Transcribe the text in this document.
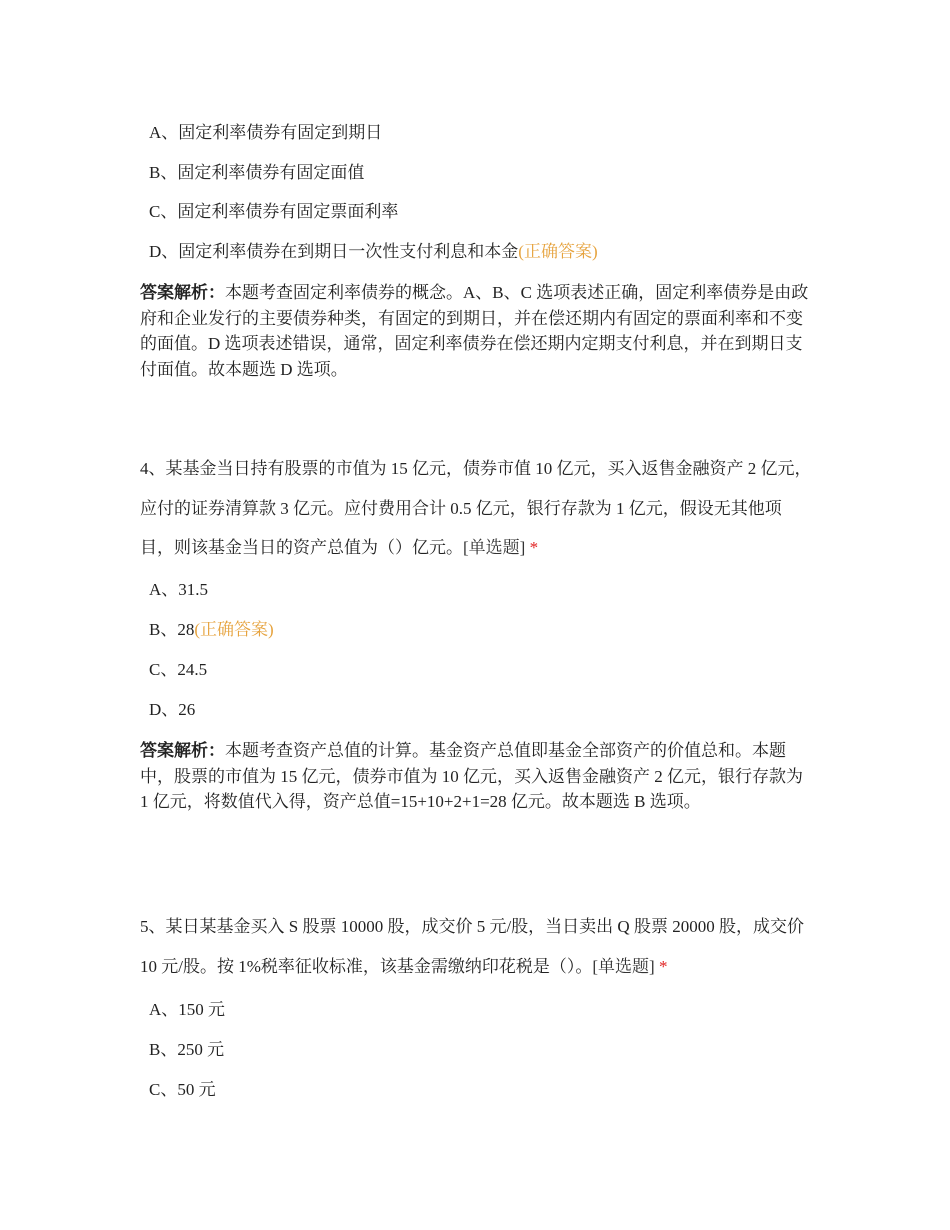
A、固定利率债券有固定到期日
B、固定利率债券有固定面值
C、固定利率债券有固定票面利率
D、固定利率债券在到期日一次性支付利息和本金(正确答案)
答案解析：本题考查固定利率债券的概念。A、B、C 选项表述正确，固定利率债券是由政府和企业发行的主要债券种类，有固定的到期日，并在偿还期内有固定的票面利率和不变的面值。D 选项表述错误，通常，固定利率债券在偿还期内定期支付利息，并在到期日支付面值。故本题选 D 选项。
4、某基金当日持有股票的市值为 15 亿元，债券市值 10 亿元，买入返售金融资产 2 亿元，应付的证券清算款 3 亿元。应付费用合计 0.5 亿元，银行存款为 1 亿元，假设无其他项目，则该基金当日的资产总值为（）亿元。[单选题] *
A、31.5
B、28(正确答案)
C、24.5
D、26
答案解析：本题考查资产总值的计算。基金资产总值即基金全部资产的价值总和。本题中，股票的市值为 15 亿元，债券市值为 10 亿元，买入返售金融资产 2 亿元，银行存款为 1 亿元，将数值代入得，资产总值=15+10+2+1=28 亿元。故本题选 B 选项。
5、某日某基金买入 S 股票 10000 股，成交价 5 元/股，当日卖出 Q 股票 20000 股，成交价 10 元/股。按 1%税率征收标准，该基金需缴纳印花税是（）。[单选题] *
A、150 元
B、250 元
C、50 元
